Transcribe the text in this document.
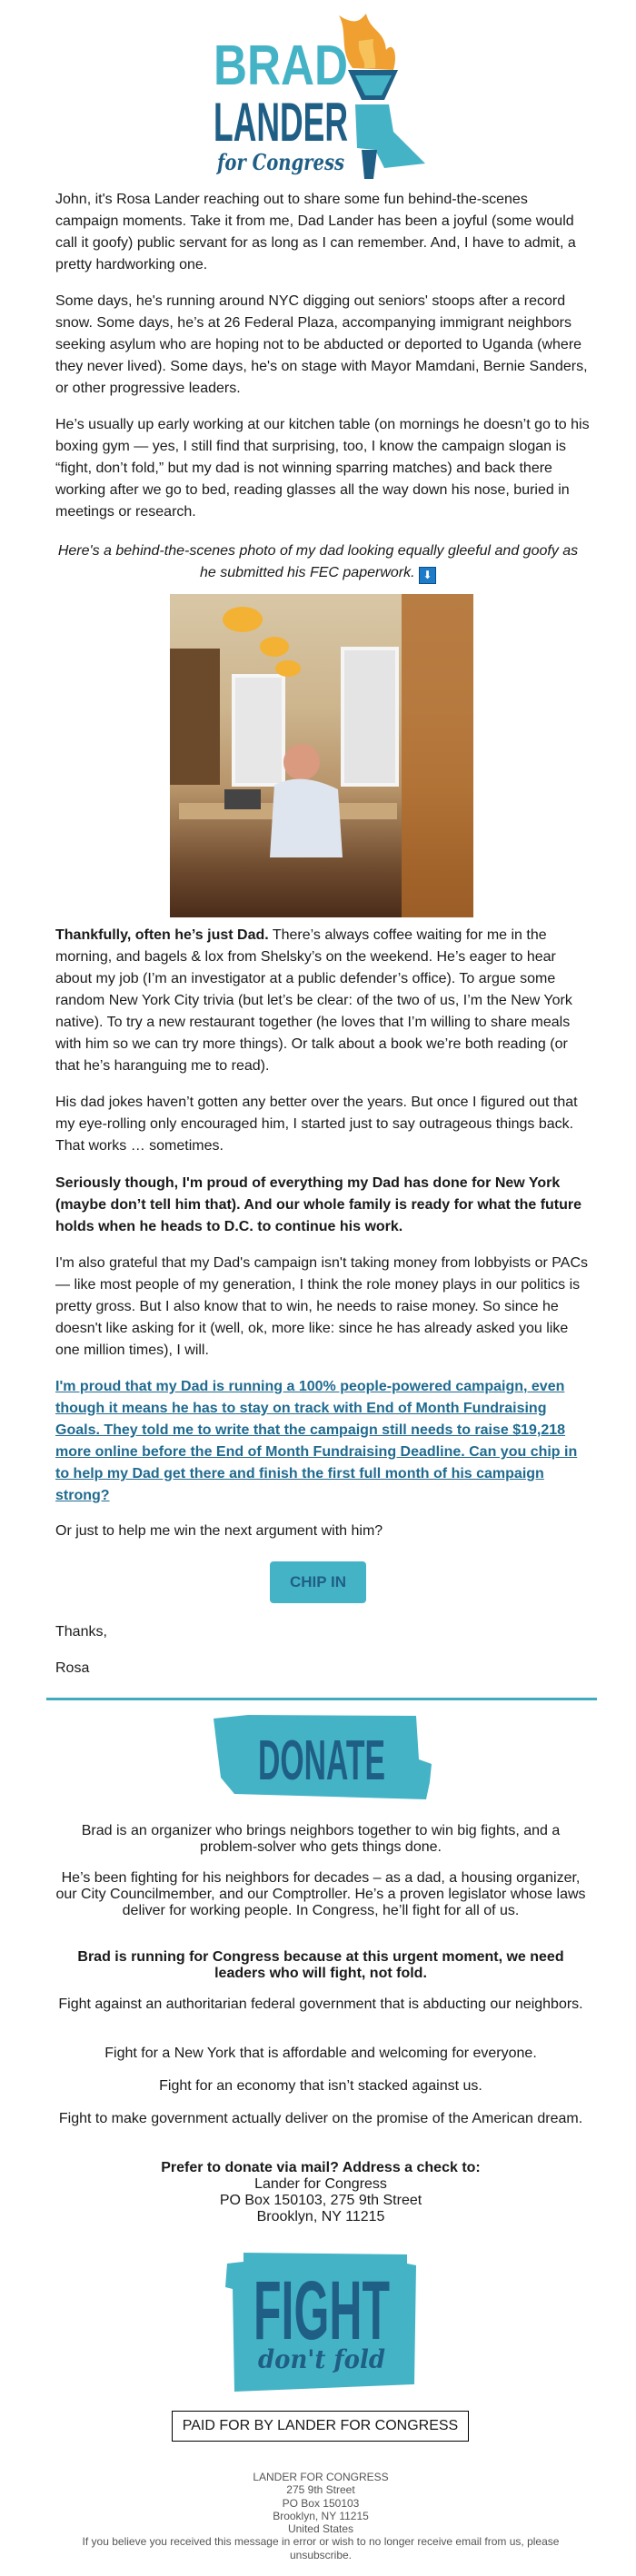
BRAD
LANDER
for Congress

John, it's Rosa Lander reaching out to share some fun behind-the-scenes campaign moments. Take it from me, Dad Lander has been a joyful (some would call it goofy) public servant for as long as I can remember. And, I have to admit, a pretty hardworking one.

Some days, he's running around NYC digging out seniors' stoops after a record snow. Some days, he’s at 26 Federal Plaza, accompanying immigrant neighbors seeking asylum who are hoping not to be abducted or deported to Uganda (where they never lived). Some days, he's on stage with Mayor Mamdani, Bernie Sanders, or other progressive leaders.

He’s usually up early working at our kitchen table (on mornings he doesn’t go to his boxing gym — yes, I still find that surprising, too, I know the campaign slogan is “fight, don’t fold,” but my dad is not winning sparring matches) and back there working after we go to bed, reading glasses all the way down his nose, buried in meetings or research.

Here's a behind-the-scenes photo of my dad looking equally gleeful and goofy as he submitted his FEC paperwork. ⬇

Thankfully, often he’s just Dad. There’s always coffee waiting for me in the morning, and bagels & lox from Shelsky’s on the weekend. He’s eager to hear about my job (I’m an investigator at a public defender’s office). To argue some random New York City trivia (but let’s be clear: of the two of us, I’m the New York native). To try a new restaurant together (he loves that I’m willing to share meals with him so we can try more things). Or talk about a book we’re both reading (or that he’s haranguing me to read).

His dad jokes haven’t gotten any better over the years. But once I figured out that my eye-rolling only encouraged him, I started just to say outrageous things back. That works … sometimes.

Seriously though, I'm proud of everything my Dad has done for New York (maybe don’t tell him that). And our whole family is ready for what the future holds when he heads to D.C. to continue his work.

I'm also grateful that my Dad's campaign isn't taking money from lobbyists or PACs — like most people of my generation, I think the role money plays in our politics is pretty gross. But I also know that to win, he needs to raise money. So since he doesn't like asking for it (well, ok, more like: since he has already asked you like one million times), I will.

I'm proud that my Dad is running a 100% people-powered campaign, even though it means he has to stay on track with End of Month Fundraising Goals. They told me to write that the campaign still needs to raise $19,218 more online before the End of Month Fundraising Deadline. Can you chip in to help my Dad get there and finish the first full month of his campaign strong?

Or just to help me win the next argument with him?

CHIP IN

Thanks,

Rosa

DONATE

Brad is an organizer who brings neighbors together to win big fights, and a problem-solver who gets things done.

He’s been fighting for his neighbors for decades – as a dad, a housing organizer, our City Councilmember, and our Comptroller. He’s a proven legislator whose laws deliver for working people. In Congress, he’ll fight for all of us.

Brad is running for Congress because at this urgent moment, we need leaders who will fight, not fold.

Fight against an authoritarian federal government that is abducting our neighbors.

Fight for a New York that is affordable and welcoming for everyone.

Fight for an economy that isn’t stacked against us.

Fight to make government actually deliver on the promise of the American dream.

Prefer to donate via mail? Address a check to:

Lander for Congress

PO Box 150103, 275 9th Street

Brooklyn, NY 11215

FIGHT
don't fold
PAID FOR BY LANDER FOR CONGRESS
LANDER FOR CONGRESS
275 9th Street
PO Box 150103
Brooklyn, NY 11215
United States
If you believe you received this message in error or wish to no longer receive email from us, please unsubscribe.
